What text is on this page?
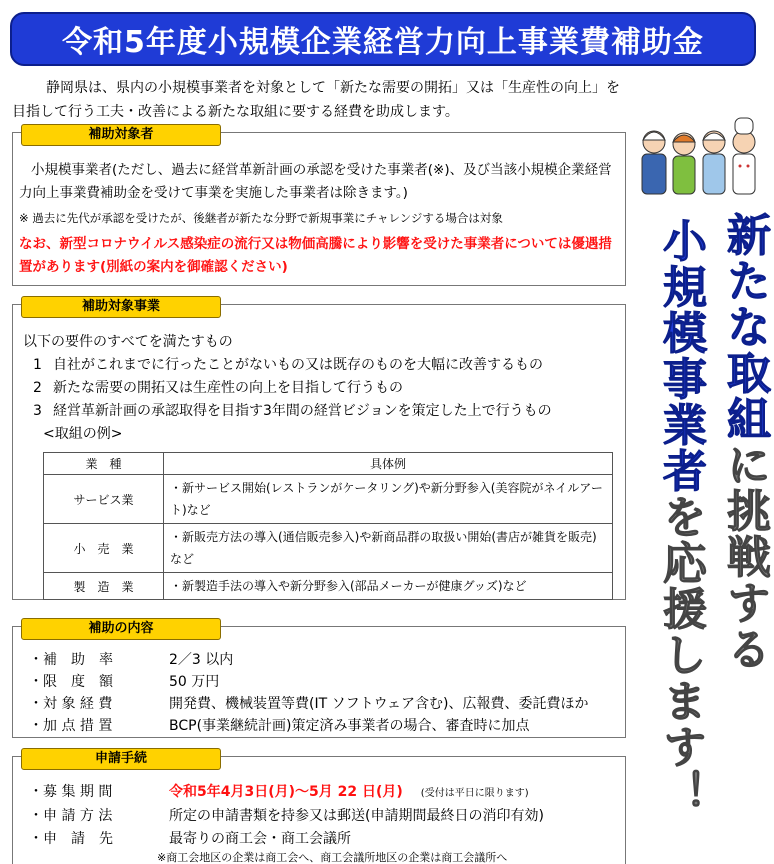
令和5年度小規模企業経営力向上事業費補助金

静岡県は、県内の小規模事業者を対象として「新たな需要の開拓」又は「生産性の向上」を目指して行う工夫・改善による新たな取組に要する経費を助成します。

補助対象者

小規模事業者(ただし、過去に経営革新計画の承認を受けた事業者(※)、及び当該小規模企業経営力向上事業費補助金を受けて事業を実施した事業者は除きます。)

※ 過去に先代が承認を受けたが、後継者が新たな分野で新規事業にチャレンジする場合は対象

なお、新型コロナウイルス感染症の流行又は物価高騰により影響を受けた事業者については優遇措置があります(別紙の案内を御確認ください)

補助対象事業

以下の要件のすべてを満たすもの

1 自社がこれまでに行ったことがないもの又は既存のものを大幅に改善するもの

2 新たな需要の開拓又は生産性の向上を目指して行うもの

3 経営革新計画の承認取得を目指す3年間の経営ビジョンを策定した上で行うもの

<取組の例>

業　種	具体例
サービス業	・新サービス開始(レストランがケータリング)や新分野参入(美容院がネイルアート)など
小　売　業	・新販売方法の導入(通信販売参入)や新商品群の取扱い開始(書店が雑貨を販売)など
製　造　業	・新製造手法の導入や新分野参入(部品メーカーが健康グッズ)など
補助の内容
・補　助　率	2／3 以内
・限　度　額	50 万円
・対 象 経 費	開発費、機械装置等費(IT ソフトウェア含む)、広報費、委託費ほか
・加 点 措 置	BCP(事業継続計画)策定済み事業者の場合、審査時に加点
申請手続
・募 集 期 間	令和5年4月3日(月)～5月 22 日(月) (受付は平日に限ります)
・申 請 方 法	所定の申請書類を持参又は郵送(申請期間最終日の消印有効)
・申　請　先	最寄りの商工会・商工会議所

※商工会地区の企業は商工会へ、商工会議所地区の企業は商工会議所へ

新たな取組に挑戦する
小規模事業者を応援します！
